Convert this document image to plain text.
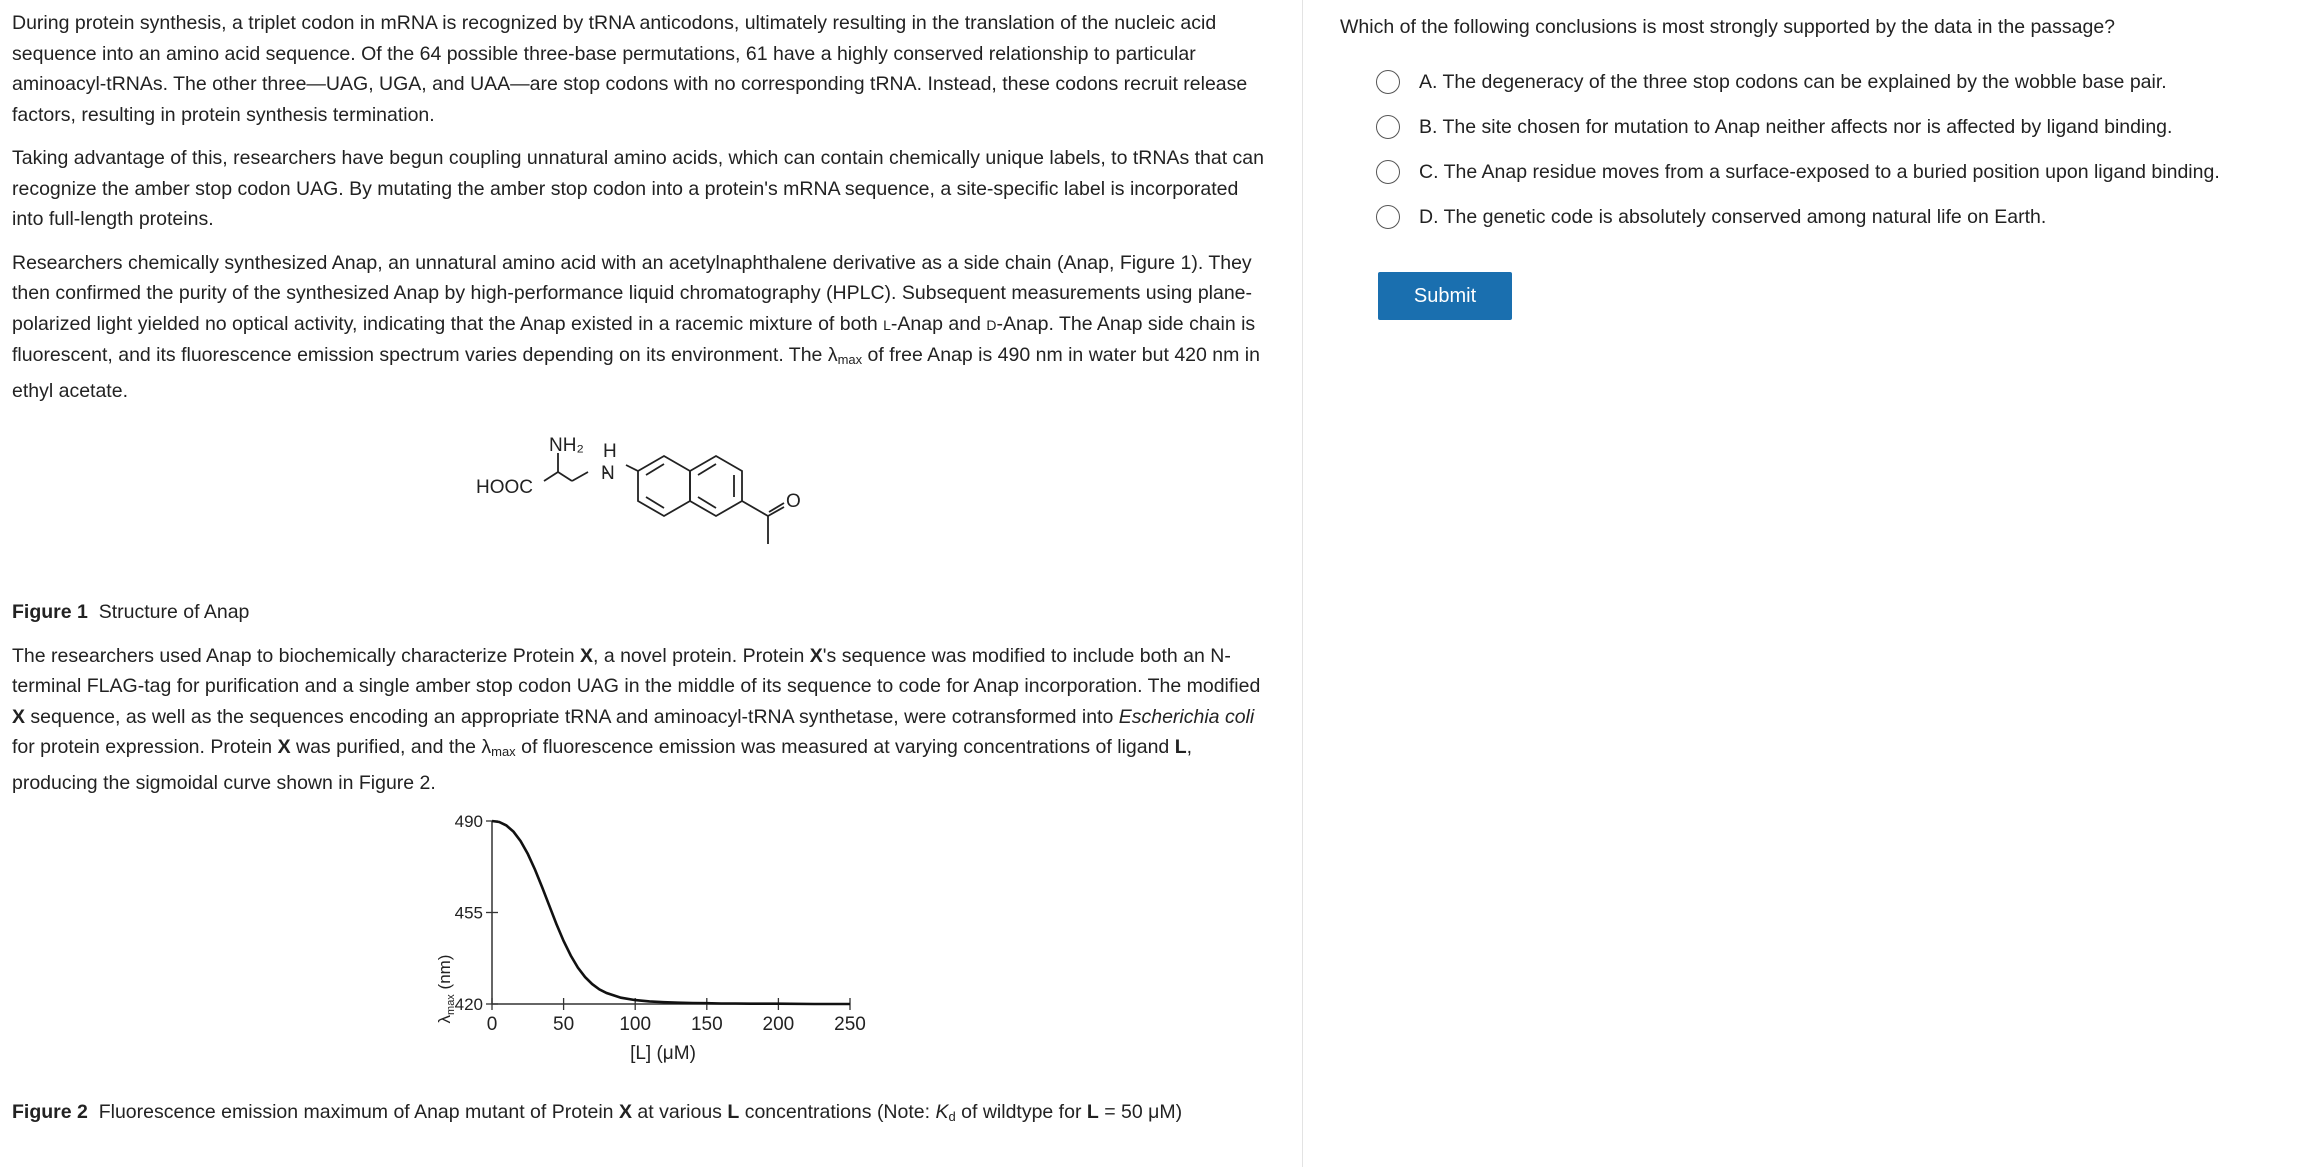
During protein synthesis, a triplet codon in mRNA is recognized by tRNA anticodons, ultimately resulting in the translation of the nucleic acid sequence into an amino acid sequence. Of the 64 possible three-base permutations, 61 have a highly conserved relationship to particular aminoacyl-tRNAs. The other three—UAG, UGA, and UAA—are stop codons with no corresponding tRNA. Instead, these codons recruit release factors, resulting in protein synthesis termination.

Taking advantage of this, researchers have begun coupling unnatural amino acids, which can contain chemically unique labels, to tRNAs that can recognize the amber stop codon UAG. By mutating the amber stop codon into a protein's mRNA sequence, a site-specific label is incorporated into full-length proteins.

Researchers chemically synthesized Anap, an unnatural amino acid with an acetylnaphthalene derivative as a side chain (Anap, Figure 1). They then confirmed the purity of the synthesized Anap by high-performance liquid chromatography (HPLC). Subsequent measurements using plane-polarized light yielded no optical activity, indicating that the Anap existed in a racemic mixture of both L-Anap and D-Anap. The Anap side chain is fluorescent, and its fluorescence emission spectrum varies depending on its environment. The $\lambda_{max}$ of free Anap is 490 nm in water but 420 nm in ethyl acetate.

NH₂ H
N
HOOC
O

Figure 1 Structure of Anap

The researchers used Anap to biochemically characterize Protein X, a novel protein. Protein X's sequence was modified to include both an N-terminal FLAG-tag for purification and a single amber stop codon UAG in the middle of its sequence to code for Anap incorporation. The modified X sequence, as well as the sequences encoding an appropriate tRNA and aminoacyl-tRNA synthetase, were cotransformed into Escherichia coli for protein expression. Protein X was purified, and the $\lambda_{max}$ of fluorescence emission was measured at varying concentrations of ligand L, producing the sigmoidal curve shown in Figure 2.

420
455
490
0	50 100 150 200 250
$\lambda_{max}$ (nm)
[L] (μM)

Figure 2 Fluorescence emission maximum of Anap mutant of Protein X at various L concentrations (Note: $K_d$ of wildtype for L = 50 μM)

Which of the following conclusions is most strongly supported by the data in the passage?

A. The degeneracy of the three stop codons can be explained by the wobble base pair.
B. The site chosen for mutation to Anap neither affects nor is affected by ligand binding.
C. The Anap residue moves from a surface-exposed to a buried position upon ligand binding.
D. The genetic code is absolutely conserved among natural life on Earth.
Submit
